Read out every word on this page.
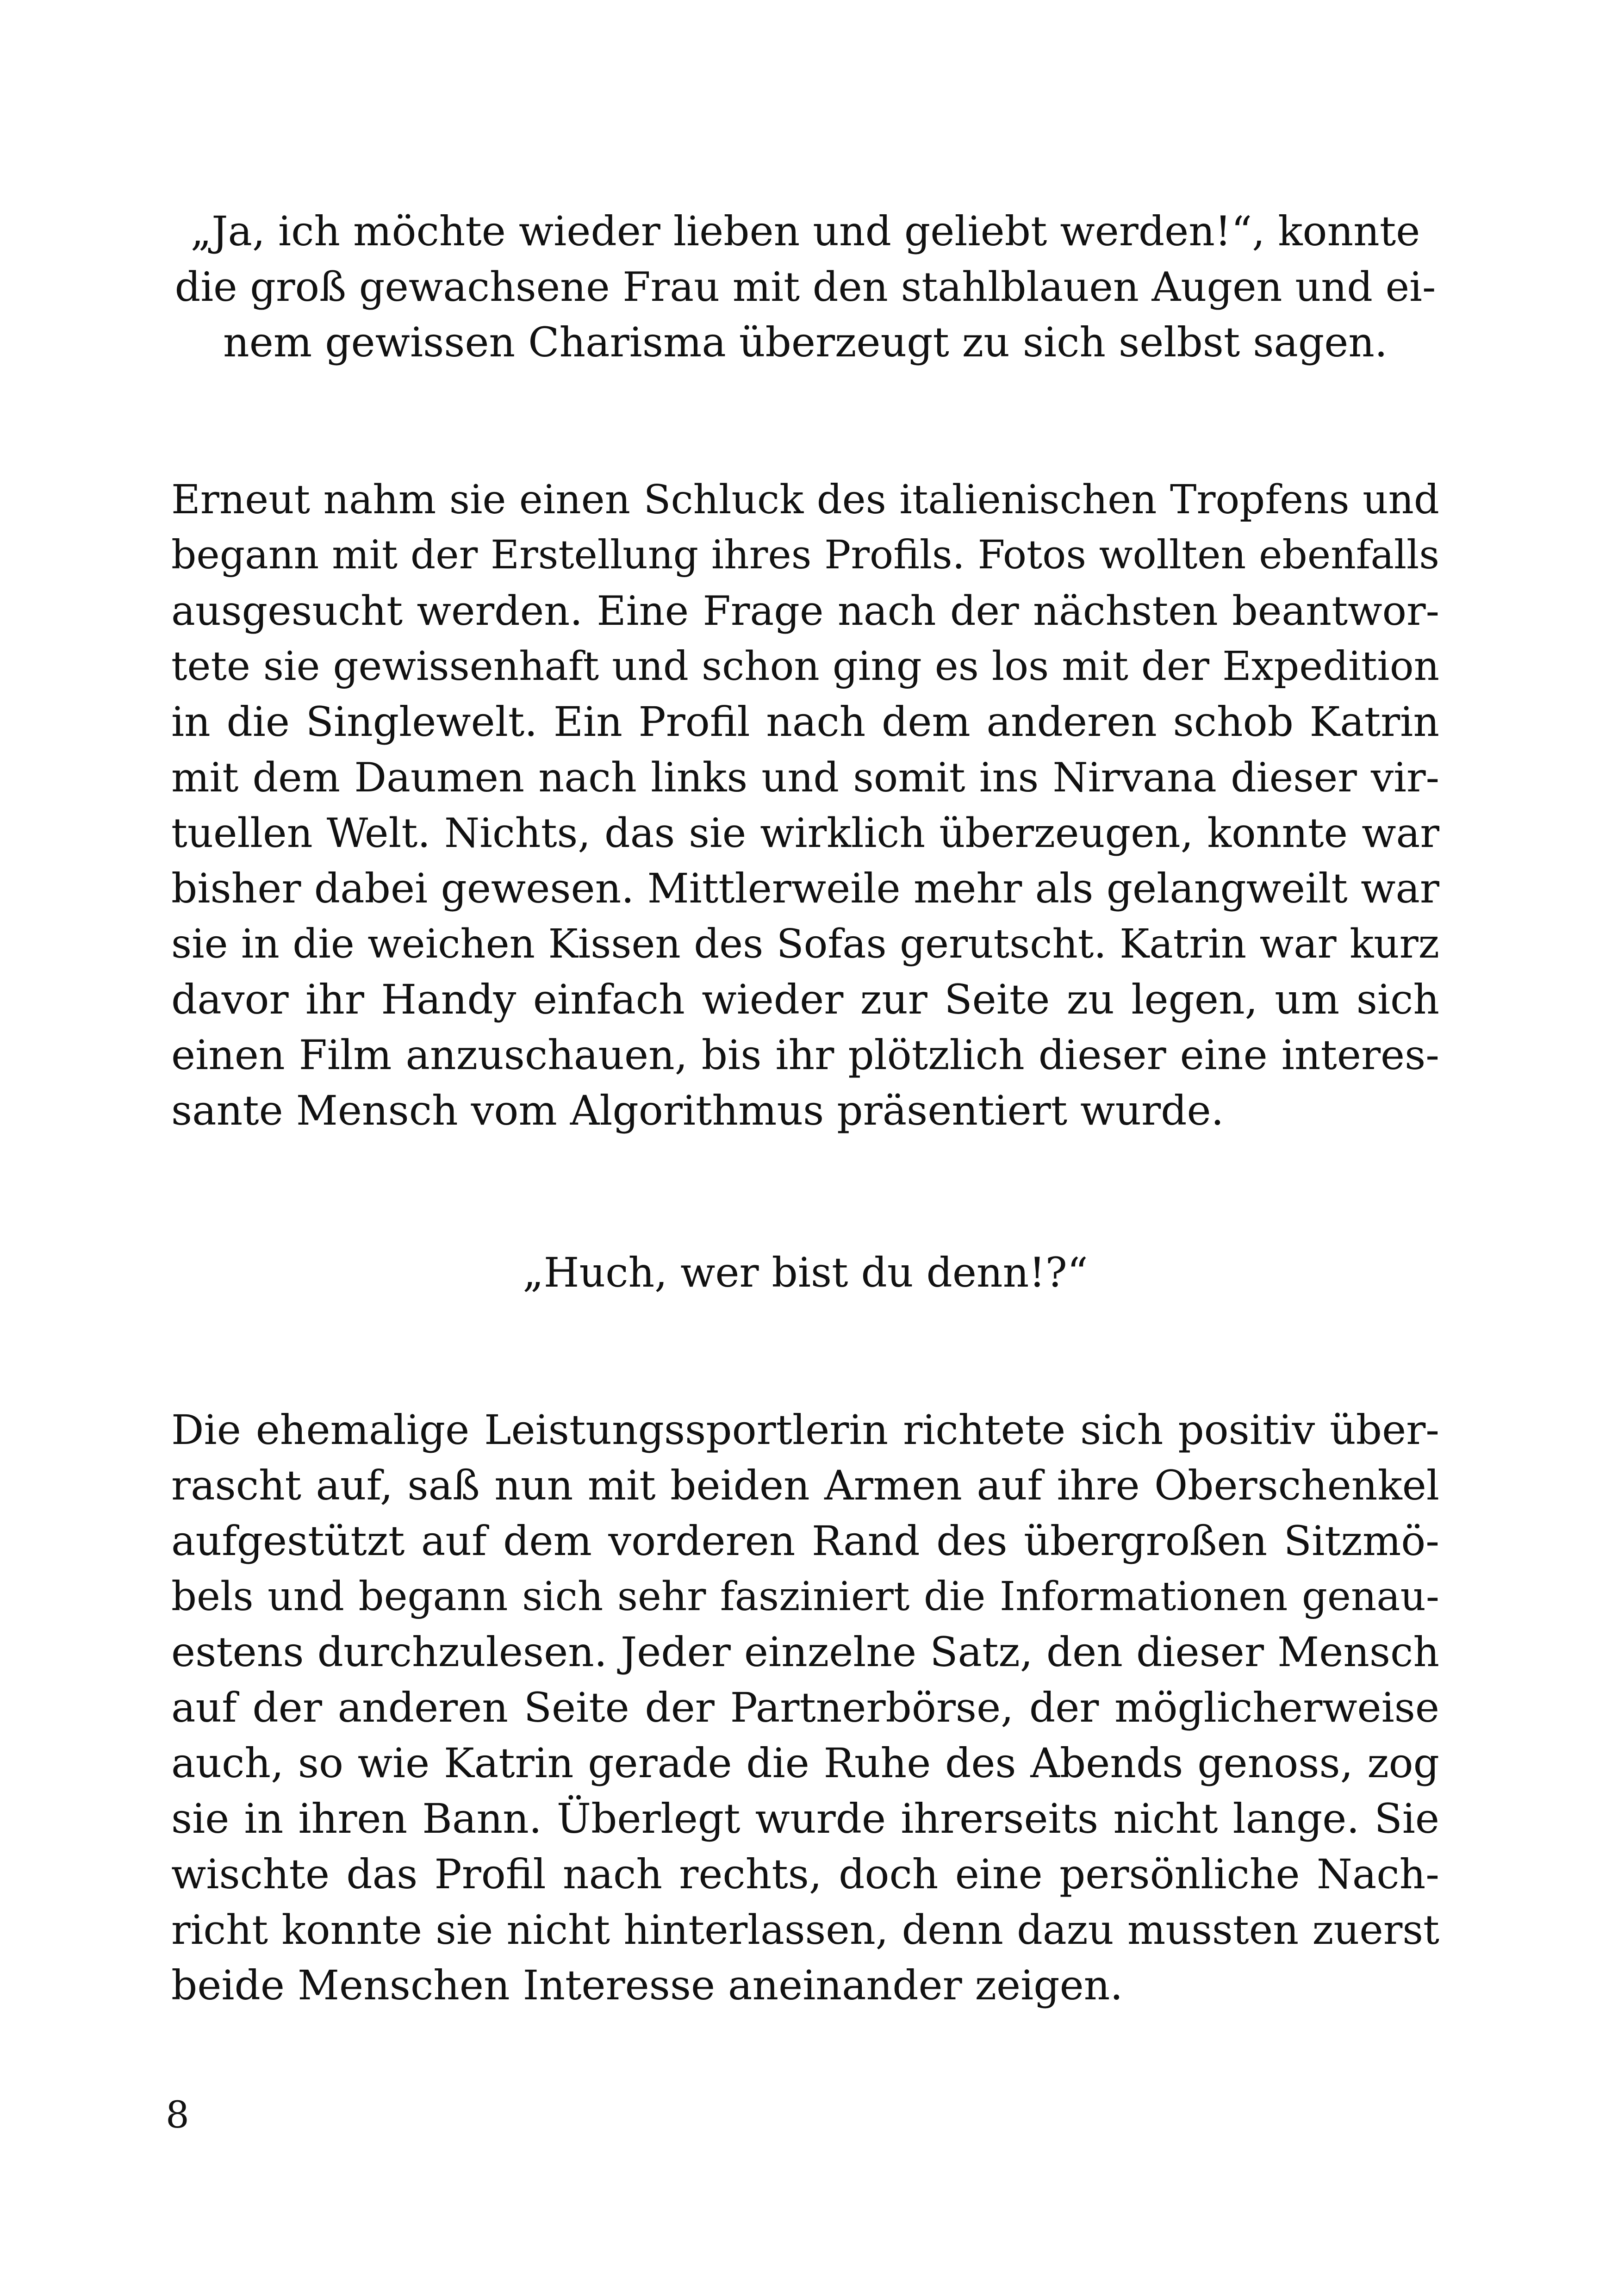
„Ja, ich möchte wieder lieben und geliebt werden!“, konnte

die groß gewachsene Frau mit den stahlblauen Augen und ei-

nem gewissen Charisma überzeugt zu sich selbst sagen.

Erneut nahm sie einen Schluck des italienischen Tropfens und

begann mit der Erstellung ihres Profils. Fotos wollten ebenfalls

ausgesucht werden. Eine Frage nach der nächsten beantwor-

tete sie gewissenhaft und schon ging es los mit der Expedition

in die Singlewelt. Ein Profil nach dem anderen schob Katrin

mit dem Daumen nach links und somit ins Nirvana dieser vir-

tuellen Welt. Nichts, das sie wirklich überzeugen, konnte war

bisher dabei gewesen. Mittlerweile mehr als gelangweilt war

sie in die weichen Kissen des Sofas gerutscht. Katrin war kurz

davor ihr Handy einfach wieder zur Seite zu legen, um sich

einen Film anzuschauen, bis ihr plötzlich dieser eine interes-

sante Mensch vom Algorithmus präsentiert wurde.

„Huch, wer bist du denn!?“

Die ehemalige Leistungssportlerin richtete sich positiv über-

rascht auf, saß nun mit beiden Armen auf ihre Oberschenkel

aufgestützt auf dem vorderen Rand des übergroßen Sitzmö-

bels und begann sich sehr fasziniert die Informationen genau-

estens durchzulesen. Jeder einzelne Satz, den dieser Mensch

auf der anderen Seite der Partnerbörse, der möglicherweise

auch, so wie Katrin gerade die Ruhe des Abends genoss, zog

sie in ihren Bann. Überlegt wurde ihrerseits nicht lange. Sie

wischte das Profil nach rechts, doch eine persönliche Nach-

richt konnte sie nicht hinterlassen, denn dazu mussten zuerst

beide Menschen Interesse aneinander zeigen.

8
